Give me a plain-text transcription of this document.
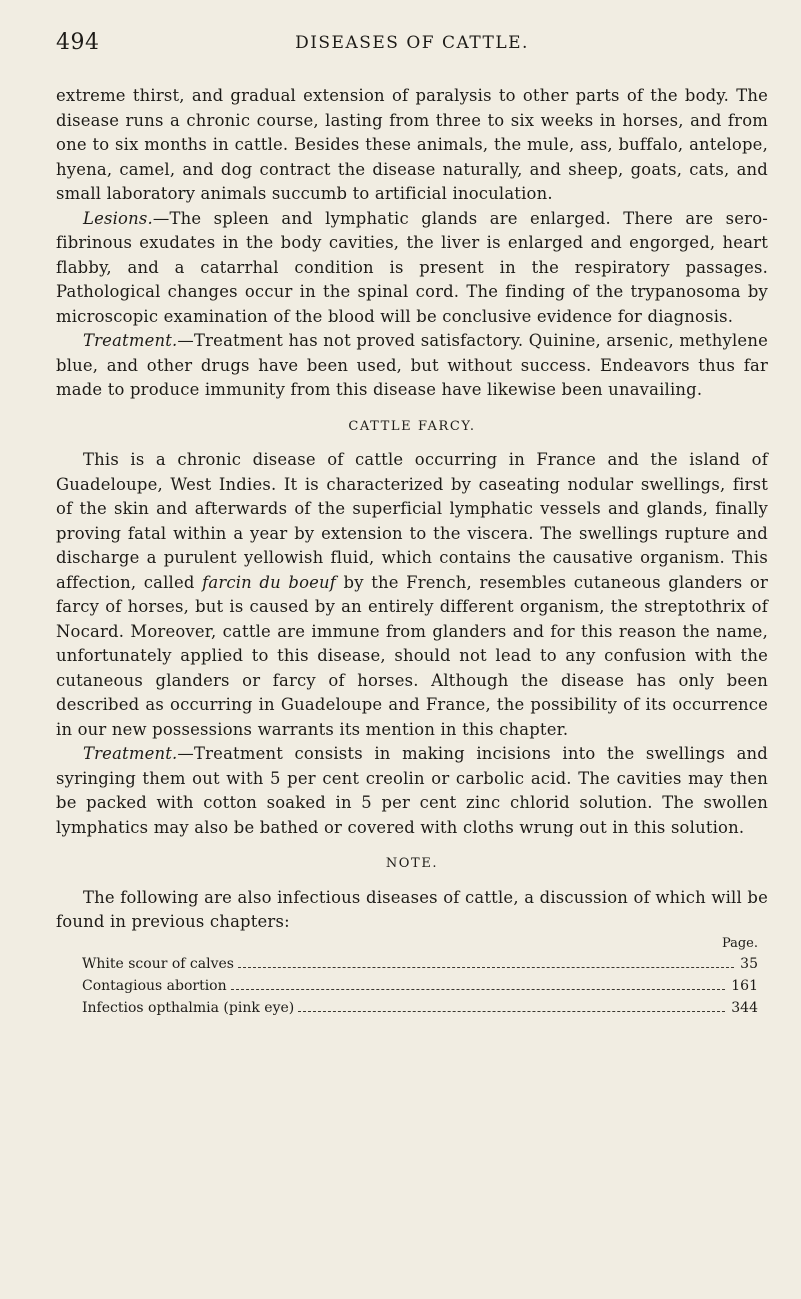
494	DISEASES OF CATTLE.

extreme thirst, and gradual extension of paralysis to other parts of the body. The disease runs a chronic course, lasting from three to six weeks in horses, and from one to six months in cattle. Besides these animals, the mule, ass, buffalo, antelope, hyena, camel, and dog contract the disease naturally, and sheep, goats, cats, and small laboratory animals succumb to artificial inoculation.

Lesions.—The spleen and lymphatic glands are enlarged. There are sero-fibrinous exudates in the body cavities, the liver is enlarged and engorged, heart flabby, and a catarrhal condition is present in the respiratory passages. Pathological changes occur in the spinal cord. The finding of the trypanosoma by microscopic examination of the blood will be conclusive evidence for diagnosis.

Treatment.—Treatment has not proved satisfactory. Quinine, arsenic, methylene blue, and other drugs have been used, but without success. Endeavors thus far made to produce immunity from this disease have likewise been unavailing.

CATTLE FARCY.

This is a chronic disease of cattle occurring in France and the island of Guadeloupe, West Indies. It is characterized by caseating nodular swellings, first of the skin and afterwards of the superficial lymphatic vessels and glands, finally proving fatal within a year by extension to the viscera. The swellings rupture and discharge a purulent yellowish fluid, which contains the causative organism. This affection, called farcin du boeuf by the French, resembles cutaneous glanders or farcy of horses, but is caused by an entirely different organism, the streptothrix of Nocard. Moreover, cattle are immune from glanders and for this reason the name, unfortunately applied to this disease, should not lead to any confusion with the cutaneous glanders or farcy of horses. Although the disease has only been described as occurring in Guadeloupe and France, the possibility of its occurrence in our new possessions warrants its mention in this chapter.

Treatment.—Treatment consists in making incisions into the swellings and syringing them out with 5 per cent creolin or carbolic acid. The cavities may then be packed with cotton soaked in 5 per cent zinc chlorid solution. The swollen lymphatics may also be bathed or covered with cloths wrung out in this solution.

NOTE.

The following are also infectious diseases of cattle, a discussion of which will be found in previous chapters:

Page.
White scour of calves	35
Contagious abortion	161
Infectios opthalmia (pink eye)	344
